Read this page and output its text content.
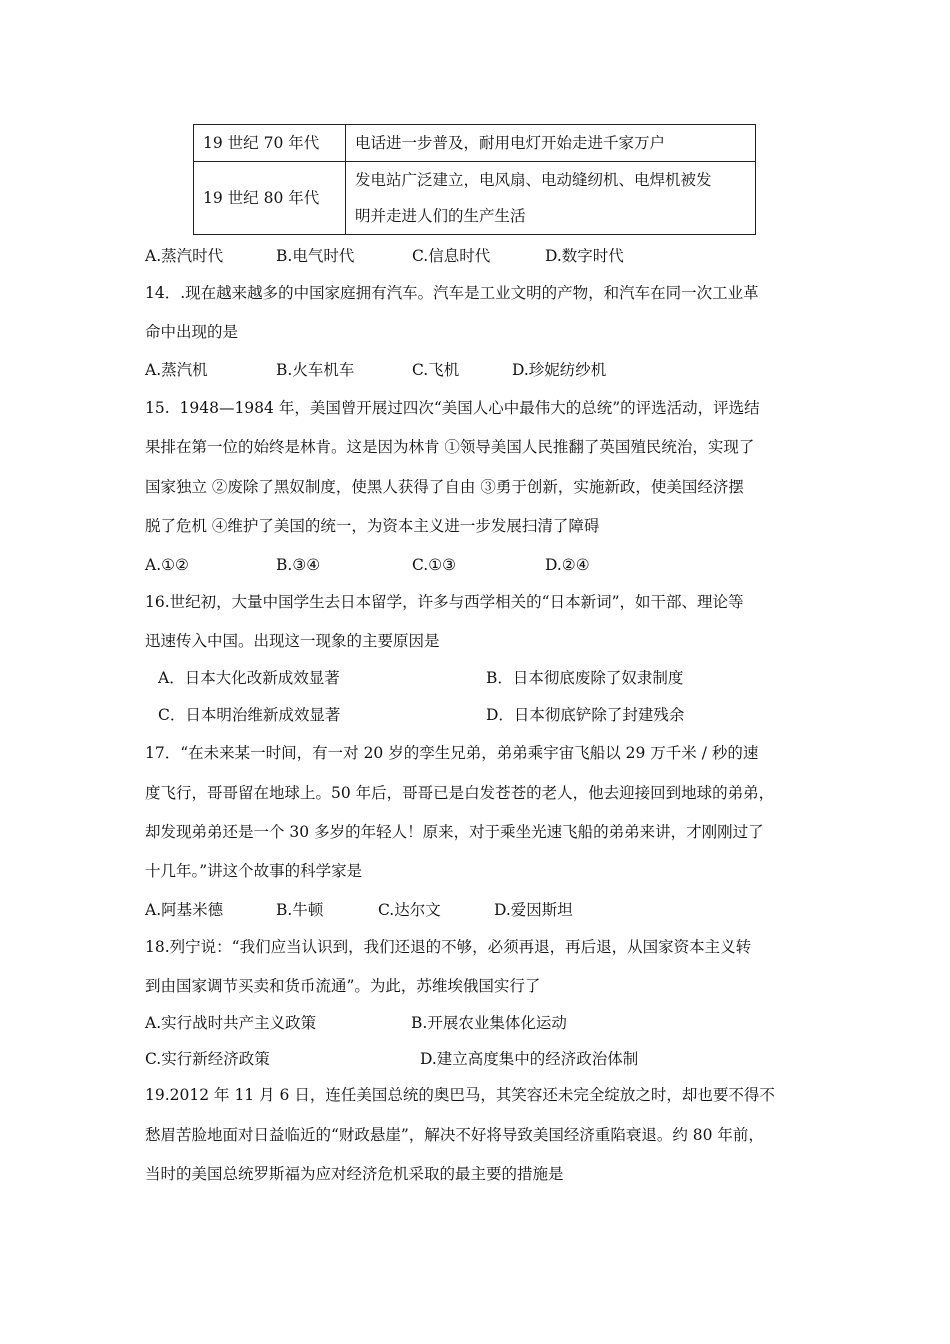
19 世纪 70 年代	电话进一步普及，耐用电灯开始走进千家万户
19 世纪 80 年代	发电站广泛建立，电风扇、电动缝纫机、电焊机被发
明并走进人们的生产生活
A.蒸汽时代	B.电气时代	C.信息时代	D.数字时代
14．.现在越来越多的中国家庭拥有汽车。汽车是工业文明的产物，和汽车在同一次工业革
命中出现的是
A.蒸汽机	B.火车机车	C.飞机	D.珍妮纺纱机
15.  1948—1984 年，美国曾开展过四次“美国人心中最伟大的总统”的评选活动，评选结
果排在第一位的始终是林肯。这是因为林肯 ①领导美国人民推翻了英国殖民统治，实现了
国家独立 ②废除了黑奴制度，使黑人获得了自由 ③勇于创新，实施新政，使美国经济摆
脱了危机 ④维护了美国的统一，为资本主义进一步发展扫清了障碍
A.①②	B.③④	C.①③	D.②④
16.世纪初，大量中国学生去日本留学，许多与西学相关的“日本新词”，如干部、理论等
迅速传入中国。出现这一现象的主要原因是
A．日本大化改新成效显著	B．日本彻底废除了奴隶制度
C．日本明治维新成效显著	D．日本彻底铲除了封建残余
17．“在未来某一时间，有一对 20 岁的孪生兄弟，弟弟乘宇宙飞船以 29 万千米 / 秒的速
度飞行，哥哥留在地球上。50 年后，哥哥已是白发苍苍的老人，他去迎接回到地球的弟弟，
却发现弟弟还是一个 30 多岁的年轻人！原来，对于乘坐光速飞船的弟弟来讲，才刚刚过了
十几年。”讲这个故事的科学家是
A.阿基米德	B.牛顿	C.达尔文	D.爱因斯坦
18.列宁说：“我们应当认识到，我们还退的不够，必须再退，再后退，从国家资本主义转
到由国家调节买卖和货币流通”。为此，苏维埃俄国实行了
A.实行战时共产主义政策	B.开展农业集体化运动
C.实行新经济政策	D.建立高度集中的经济政治体制
19.2012 年 11 月 6 日，连任美国总统的奥巴马，其笑容还未完全绽放之时，却也要不得不
愁眉苦脸地面对日益临近的“财政悬崖”，解决不好将导致美国经济重陷衰退。约 80 年前，
当时的美国总统罗斯福为应对经济危机采取的最主要的措施是
